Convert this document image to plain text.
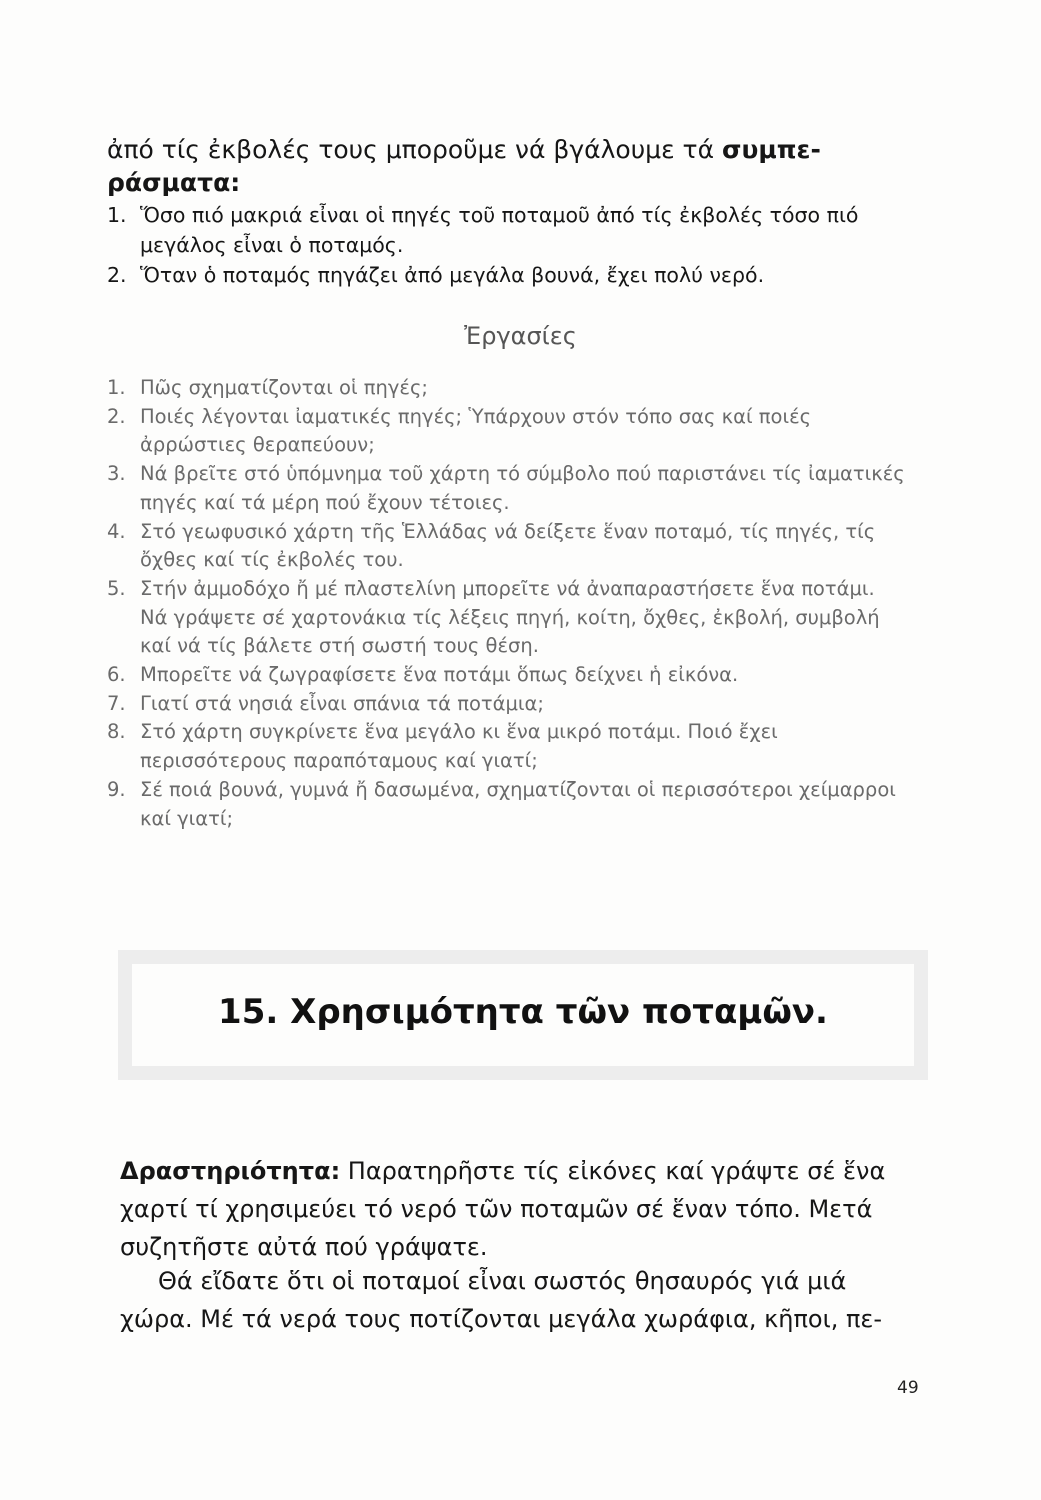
ἀπό τίς ἐκβολές τους μποροῦμε νά βγάλουμε τά συμπε-
ράσματα:
1. Ὅσο πιό μακριά εἶναι οἱ πηγές τοῦ ποταμοῦ ἀπό τίς ἐκβολές τόσο πιό μεγάλος εἶναι ὁ ποταμός.
2. Ὅταν ὁ ποταμός πηγάζει ἀπό μεγάλα βουνά, ἔχει πολύ νερό.
Ἐργασίες
1. Πῶς σχηματίζονται οἱ πηγές;
2. Ποιές λέγονται ἰαματικές πηγές; Ὑπάρχουν στόν τόπο σας καί ποιές ἀρρώστιες θεραπεύουν;
3. Νά βρεῖτε στό ὑπόμνημα τοῦ χάρτη τό σύμβολο πού παριστάνει τίς ἰαματικές πηγές καί τά μέρη πού ἔχουν τέτοιες.
4. Στό γεωφυσικό χάρτη τῆς Ἑλλάδας νά δείξετε ἕναν ποταμό, τίς πηγές, τίς ὄχθες καί τίς ἐκβολές του.
5. Στήν ἀμμοδόχο ἤ μέ πλαστελίνη μπορεῖτε νά ἀναπαραστήσετε ἕνα ποτάμι. Νά γράψετε σέ χαρτονάκια τίς λέξεις πηγή, κοίτη, ὄχθες, ἐκβολή, συμβολή καί νά τίς βάλετε στή σωστή τους θέση.
6. Μπορεῖτε νά ζωγραφίσετε ἕνα ποτάμι ὅπως δείχνει ἡ εἰκόνα.
7. Γιατί στά νησιά εἶναι σπάνια τά ποτάμια;
8. Στό χάρτη συγκρίνετε ἕνα μεγάλο κι ἕνα μικρό ποτάμι. Ποιό ἔχει περισσότερους παραπόταμους καί γιατί;
9. Σέ ποιά βουνά, γυμνά ἤ δασωμένα, σχηματίζονται οἱ περισσότεροι χείμαρροι καί γιατί;
15. Χρησιμότητα τῶν ποταμῶν.
Δραστηριότητα: Παρατηρῆστε τίς εἰκόνες καί γράψτε σέ ἕνα χαρτί τί χρησιμεύει τό νερό τῶν ποταμῶν σέ ἕναν τόπο. Μετά συζητῆστε αὐτά πού γράψατε.
Θά εἴδατε ὅτι οἱ ποταμοί εἶναι σωστός θησαυρός γιά μιά
χώρα. Μέ τά νερά τους ποτίζονται μεγάλα χωράφια, κῆποι, πε-
49
